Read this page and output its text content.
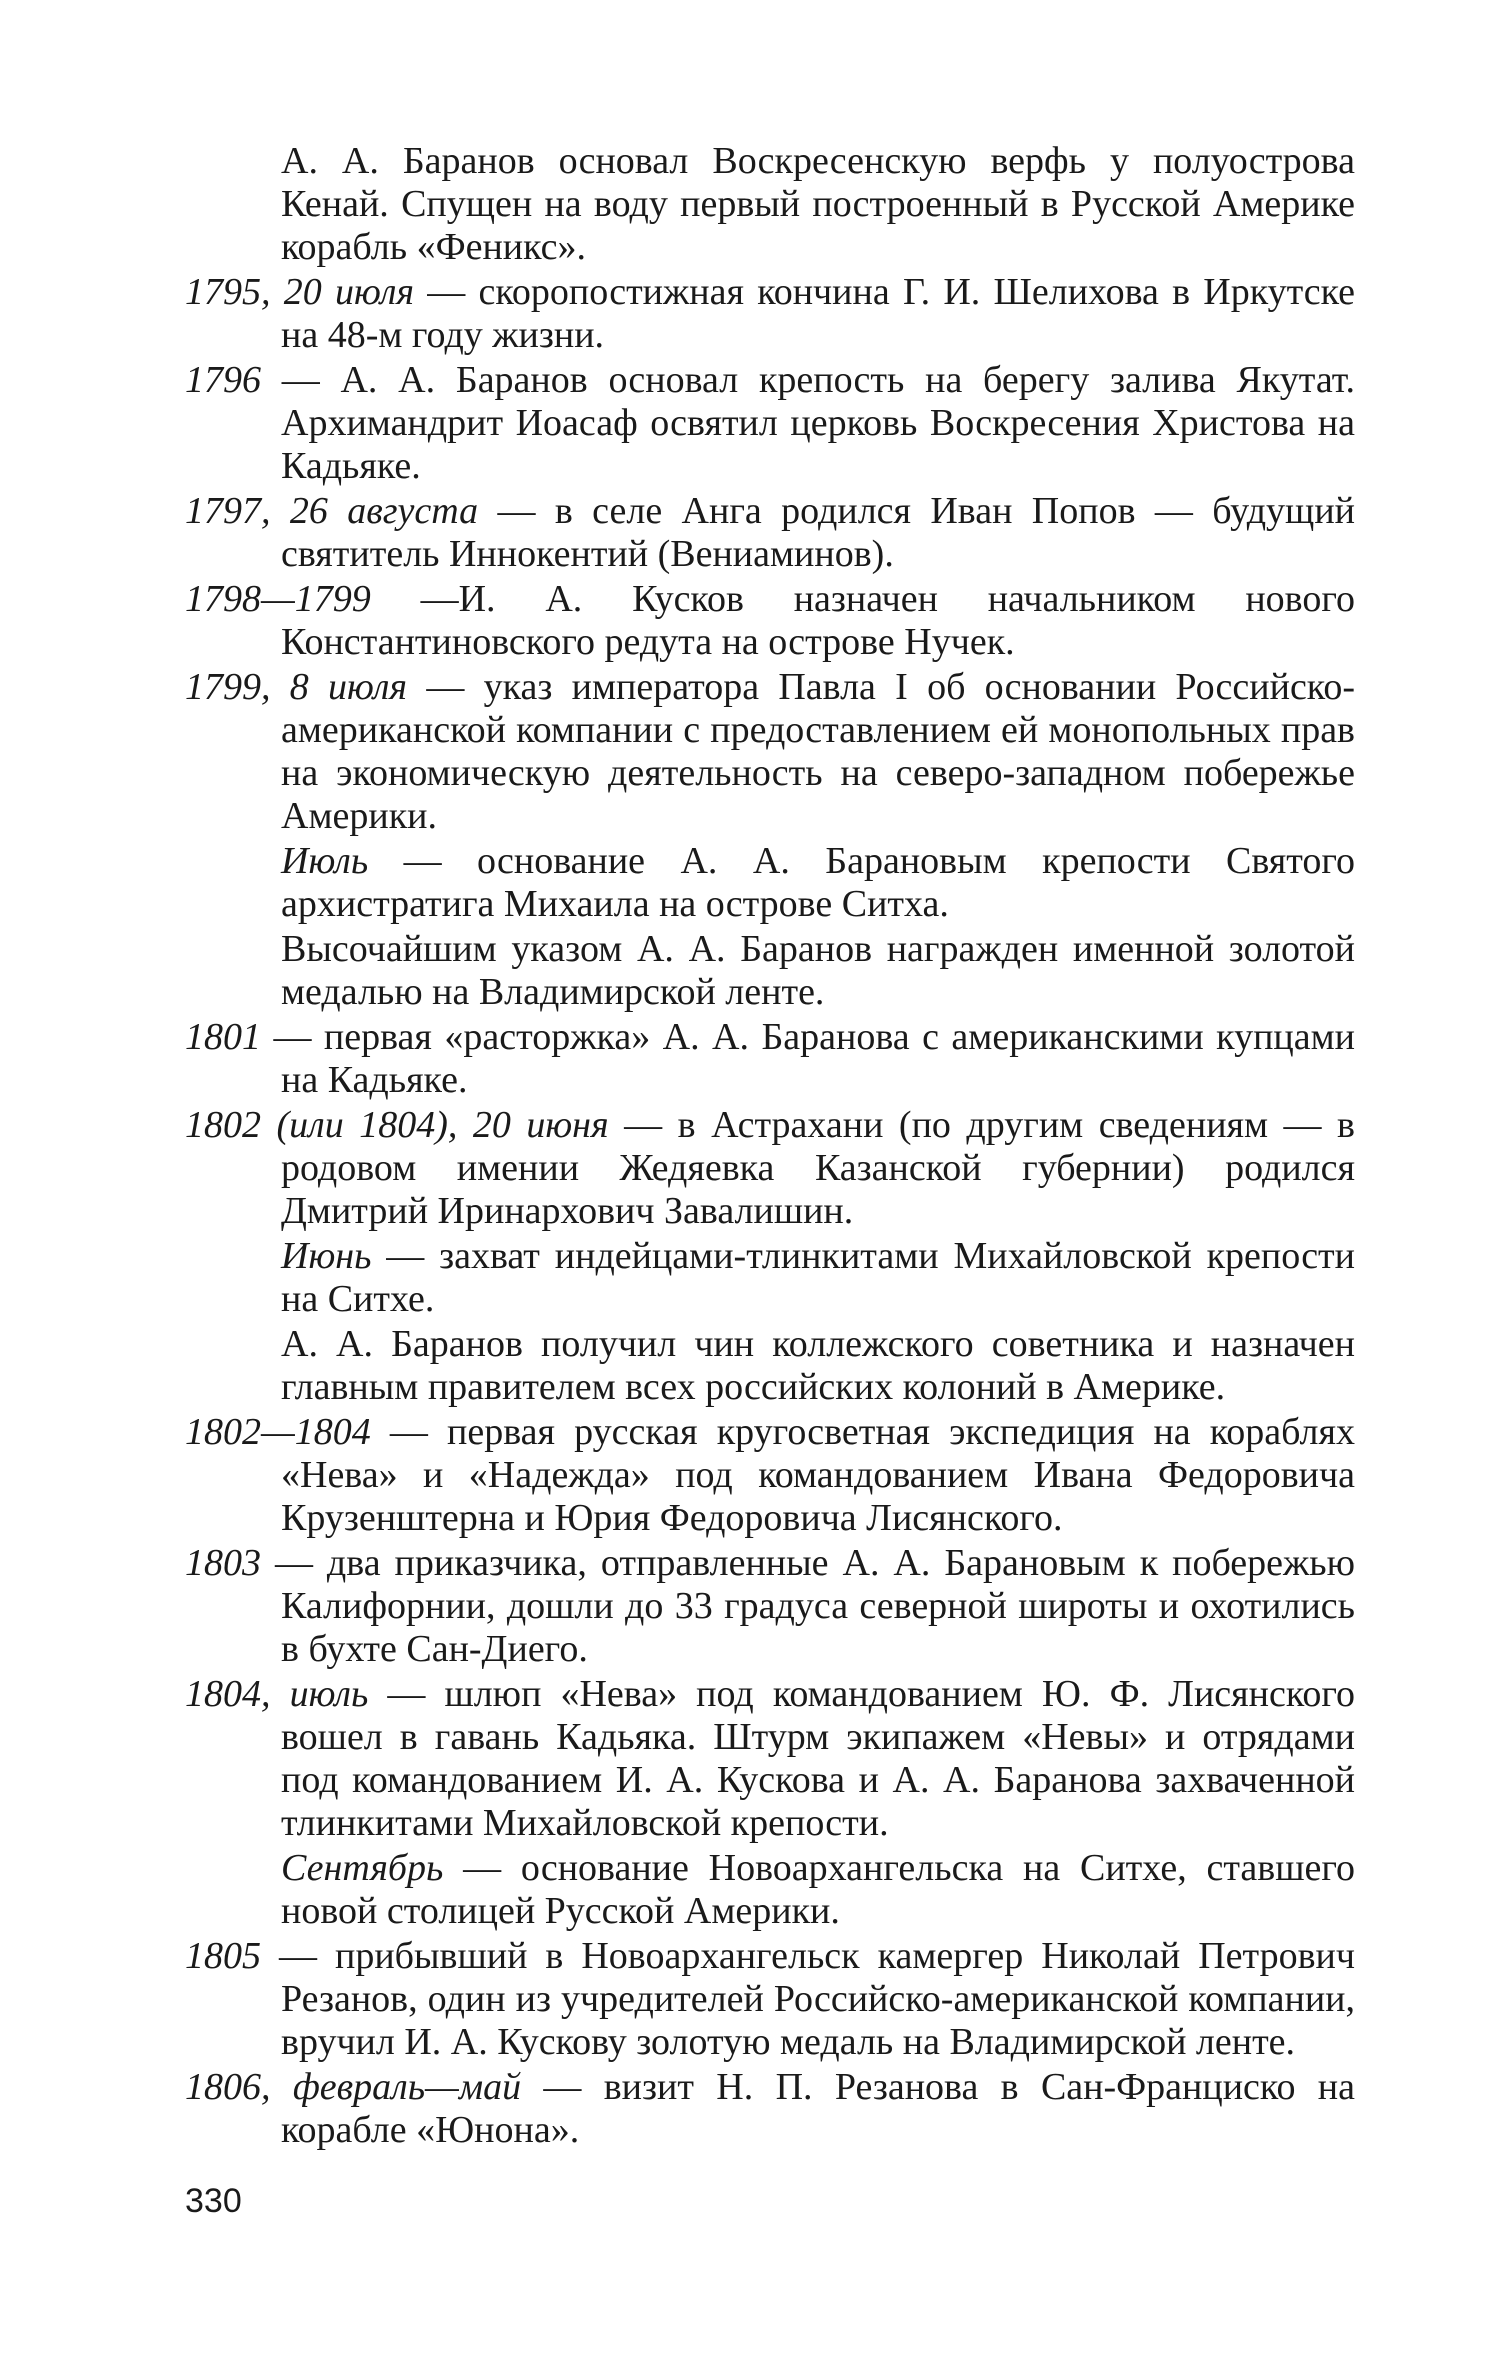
А. А. Баранов основал Воскресенскую верфь у полуострова Кенай. Спущен на воду первый построенный в Русской Америке корабль «Феникс».

1795, 20 июля — скоропостижная кончина Г. И. Шелихова в Иркутске на 48-м году жизни.

1796 — А. А. Баранов основал крепость на берегу залива Якутат. Архимандрит Иоасаф освятил церковь Воскресения Христова на Кадьяке.

1797, 26 августа — в селе Анга родился Иван Попов — будущий святитель Иннокентий (Вениаминов).

1798—1799 —И. А. Кусков назначен начальником нового Константиновского редута на острове Нучек.

1799, 8 июля — указ императора Павла I об основании Российско-американской компании с предоставлением ей монопольных прав на экономическую деятельность на северо-западном побережье Америки.

Июль — основание А. А. Барановым крепости Святого архистратига Михаила на острове Ситха.

Высочайшим указом А. А. Баранов награжден именной золотой медалью на Владимирской ленте.

1801 — первая «расторжка» А. А. Баранова с американскими купцами на Кадьяке.

1802 (или 1804), 20 июня — в Астрахани (по другим сведениям — в родовом имении Жедяевка Казанской губернии) родился Дмитрий Иринархович Завалишин.

Июнь — захват индейцами-тлинкитами Михайловской крепости на Ситхе.

А. А. Баранов получил чин коллежского советника и назначен главным правителем всех российских колоний в Америке.

1802—1804 — первая русская кругосветная экспедиция на кораблях «Нева» и «Надежда» под командованием Ивана Федоровича Крузенштерна и Юрия Федоровича Лисянского.

1803 — два приказчика, отправленные А. А. Барановым к побережью Калифорнии, дошли до 33 градуса северной широты и охотились в бухте Сан-Диего.

1804, июль — шлюп «Нева» под командованием Ю. Ф. Лисянского вошел в гавань Кадьяка. Штурм экипажем «Невы» и отрядами под командованием И. А. Кускова и А. А. Баранова захваченной тлинкитами Михайловской крепости.

Сентябрь — основание Новоархангельска на Ситхе, ставшего новой столицей Русской Америки.

1805 — прибывший в Новоархангельск камергер Николай Петрович Резанов, один из учредителей Российско-американской компании, вручил И. А. Кускову золотую медаль на Владимирской ленте.

1806, февраль—май — визит Н. П. Резанова в Сан-Франциско на корабле «Юнона».

330
